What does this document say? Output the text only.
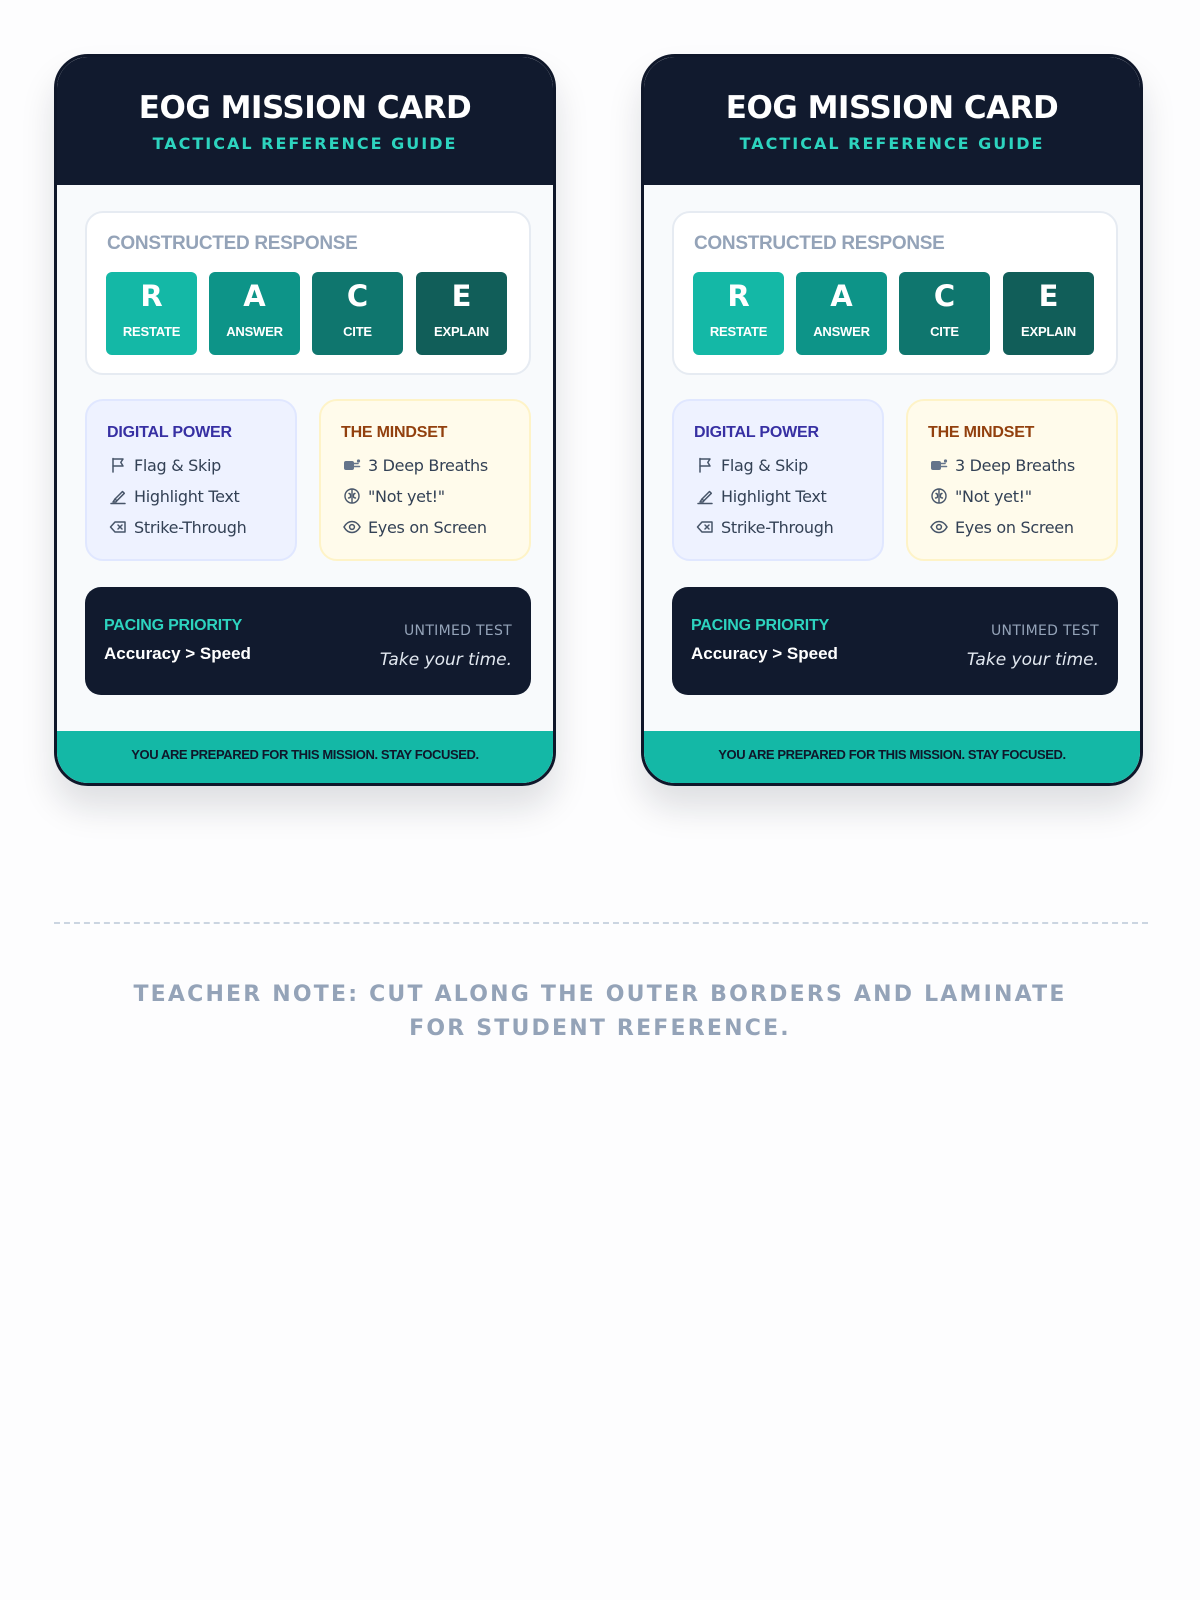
EOG MISSION CARD
TACTICAL REFERENCE GUIDE
CONSTRUCTED RESPONSE
R
RESTATE
A
ANSWER
C
CITE
E
EXPLAIN
DIGITAL POWER
Flag & Skip
Highlight Text
Strike-Through
THE MINDSET
3 Deep Breaths
"Not yet!"
Eyes on Screen
PACING PRIORITY
Accuracy > Speed
UNTIMED TEST
Take your time.
YOU ARE PREPARED FOR THIS MISSION. STAY FOCUSED.
EOG MISSION CARD
TACTICAL REFERENCE GUIDE
CONSTRUCTED RESPONSE
R
RESTATE
A
ANSWER
C
CITE
E
EXPLAIN
DIGITAL POWER
Flag & Skip
Highlight Text
Strike-Through
THE MINDSET
3 Deep Breaths
"Not yet!"
Eyes on Screen
PACING PRIORITY
Accuracy > Speed
UNTIMED TEST
Take your time.
YOU ARE PREPARED FOR THIS MISSION. STAY FOCUSED.
TEACHER NOTE: CUT ALONG THE OUTER BORDERS AND LAMINATE FOR STUDENT REFERENCE.
